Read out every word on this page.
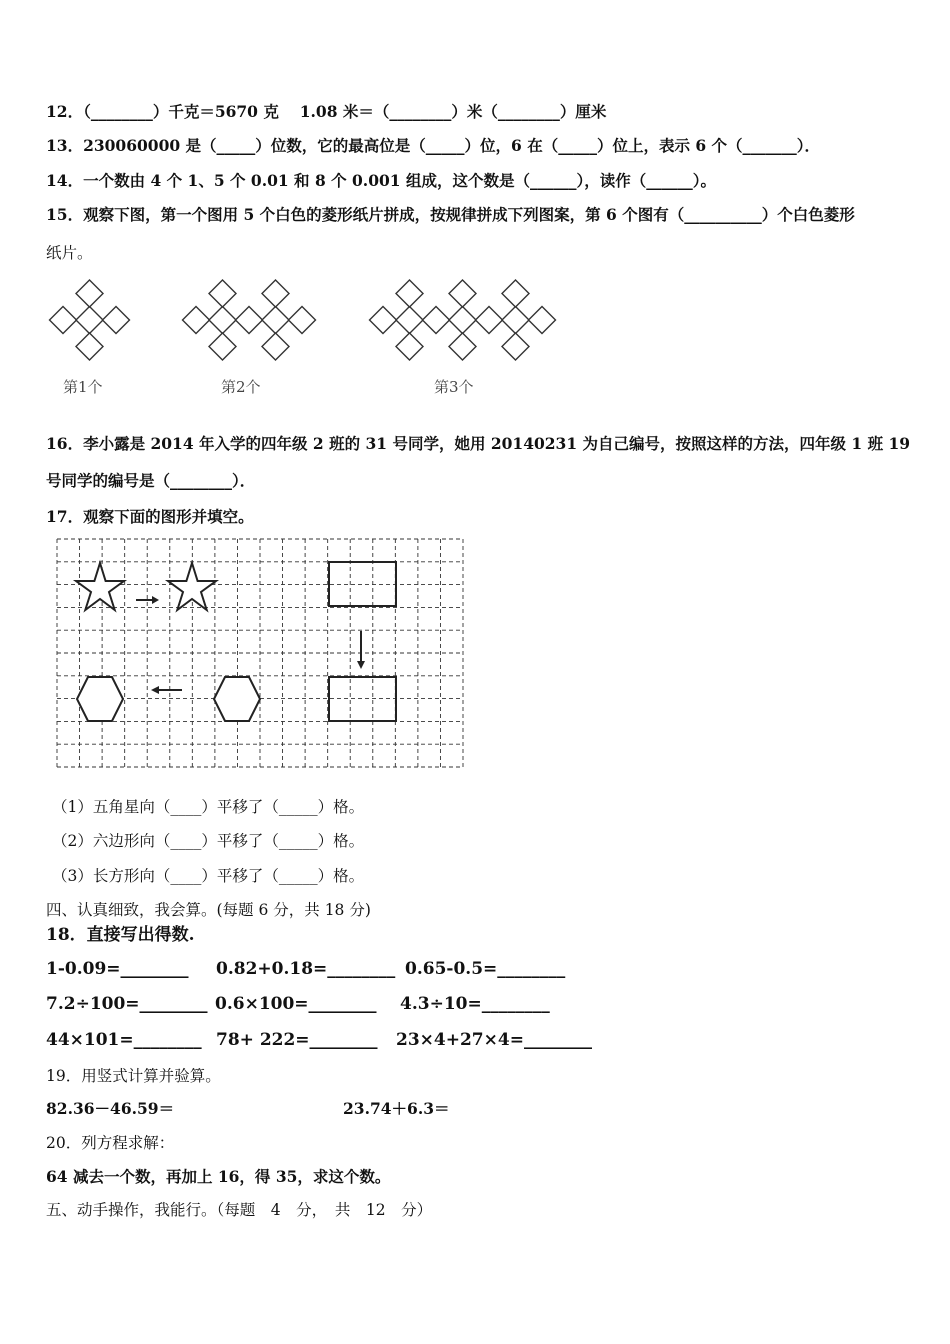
12．（________）千克＝5670 克　 1.08 米＝（________）米（________）厘米
13．230060000 是（_____）位数，它的最高位是（_____）位，6 在（_____）位上，表示 6 个（_______）．
14．一个数由 4 个 1、5 个 0.01 和 8 个 0.001 组成，这个数是（______），读作（______）。
15．观察下图，第一个图用 5 个白色的菱形纸片拼成，按规律拼成下列图案，第 6 个图有（__________）个白色菱形
纸片。
第1个	第2个	第3个
16．李小露是 2014 年入学的四年级 2 班的 31 号同学，她用 20140231 为自己编号，按照这样的方法，四年级 1 班 19
号同学的编号是（________）．
17．观察下面的图形并填空。
（1）五角星向（____）平移了（_____）格。
（2）六边形向（____）平移了（_____）格。
（3）长方形向（____）平移了（_____）格。
四、认真细致，我会算。(每题 6 分，共 18 分)
18．直接写出得数.
1-0.09=________ 0.82+0.18=________ 0.65-0.5=________
7.2÷100=________ 0.6×100=________ 4.3÷10=________
44×101=________ 78+ 222=________ 23×4+27×4=________
19．用竖式计算并验算。
82.36－46.59＝	23.74＋6.3＝
20．列方程求解：
64 减去一个数，再加上 16，得 35，求这个数。
五、动手操作，我能行。（每题　4　分，　共　12　分）
